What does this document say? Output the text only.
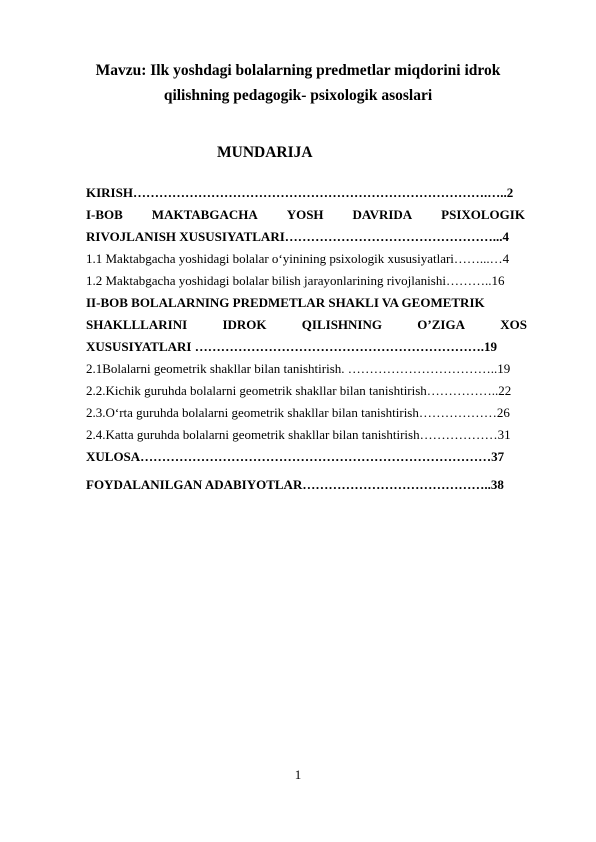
Mavzu: Ilk yoshdagi bolalarning predmetlar miqdorini idrok
qilishning pedagogik- psixologik asoslari
MUNDARIJA
KIRISH……………………………………………………………………….…..2
I-BOB MAKTABGACHA YOSH DAVRIDA PSIXOLOGIK
RIVOJLANISH XUSUSIYATLARI…………………………………………...4
1.1 Maktabgacha yoshidagi bolalar o‘yinining psixologik xususiyatlari……...…4
1.2 Maktabgacha yoshidagi bolalar bilish jarayonlarining rivojlanishi………..16
II-BOB BOLALARNING PREDMETLAR SHAKLI VA GEOMETRIK
SHAKLLLARINI	IDROK	QILISHNING	O’ZIGA	XOS
XUSUSIYATLARI ………………………………………………………….19
2.1Bolalarni geometrik shakllar bilan tanishtirish. ……………………………..19
2.2.Kichik guruhda bolalarni geometrik shakllar bilan tanishtirish……………..22
2.3.O‘rta guruhda bolalarni geometrik shakllar bilan tanishtirish………………26
2.4.Katta guruhda bolalarni geometrik shakllar bilan tanishtirish………………31
XULOSA………………………………………………………………………37
FOYDALANILGAN ADABIYOTLAR……………………………………..38
1
